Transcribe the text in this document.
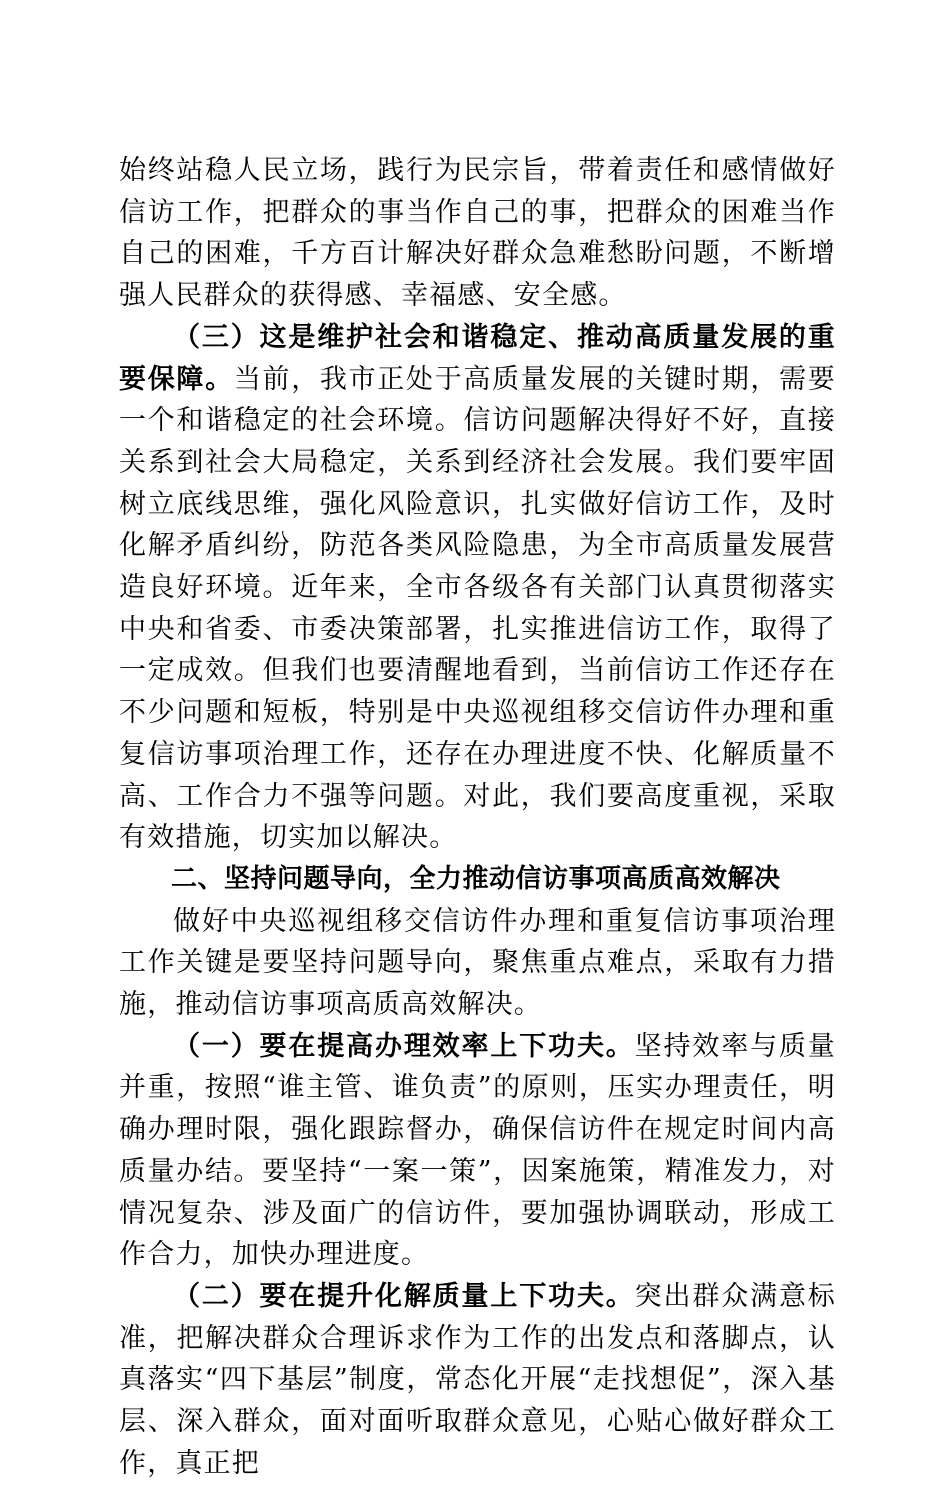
始终站稳人民立场，践行为民宗旨，带着责任和感情做好信访工作，把群众的事当作自己的事，把群众的困难当作自己的困难，千方百计解决好群众急难愁盼问题，不断增强人民群众的获得感、幸福感、安全感。

（三）这是维护社会和谐稳定、推动高质量发展的重要保障。当前，我市正处于高质量发展的关键时期，需要一个和谐稳定的社会环境。信访问题解决得好不好，直接关系到社会大局稳定，关系到经济社会发展。我们要牢固树立底线思维，强化风险意识，扎实做好信访工作，及时化解矛盾纠纷，防范各类风险隐患，为全市高质量发展营造良好环境。近年来，全市各级各有关部门认真贯彻落实中央和省委、市委决策部署，扎实推进信访工作，取得了一定成效。但我们也要清醒地看到，当前信访工作还存在不少问题和短板，特别是中央巡视组移交信访件办理和重复信访事项治理工作，还存在办理进度不快、化解质量不高、工作合力不强等问题。对此，我们要高度重视，采取有效措施，切实加以解决。

二、坚持问题导向，全力推动信访事项高质高效解决

做好中央巡视组移交信访件办理和重复信访事项治理工作关键是要坚持问题导向，聚焦重点难点，采取有力措施，推动信访事项高质高效解决。

（一）要在提高办理效率上下功夫。坚持效率与质量并重，按照“谁主管、谁负责”的原则，压实办理责任，明确办理时限，强化跟踪督办，确保信访件在规定时间内高质量办结。要坚持“一案一策”，因案施策，精准发力，对情况复杂、涉及面广的信访件，要加强协调联动，形成工作合力，加快办理进度。

（二）要在提升化解质量上下功夫。突出群众满意标准，把解决群众合理诉求作为工作的出发点和落脚点，认真落实“四下基层”制度，常态化开展“走找想促”，深入基层、深入群众，面对面听取群众意见，心贴心做好群众工作，真正把
